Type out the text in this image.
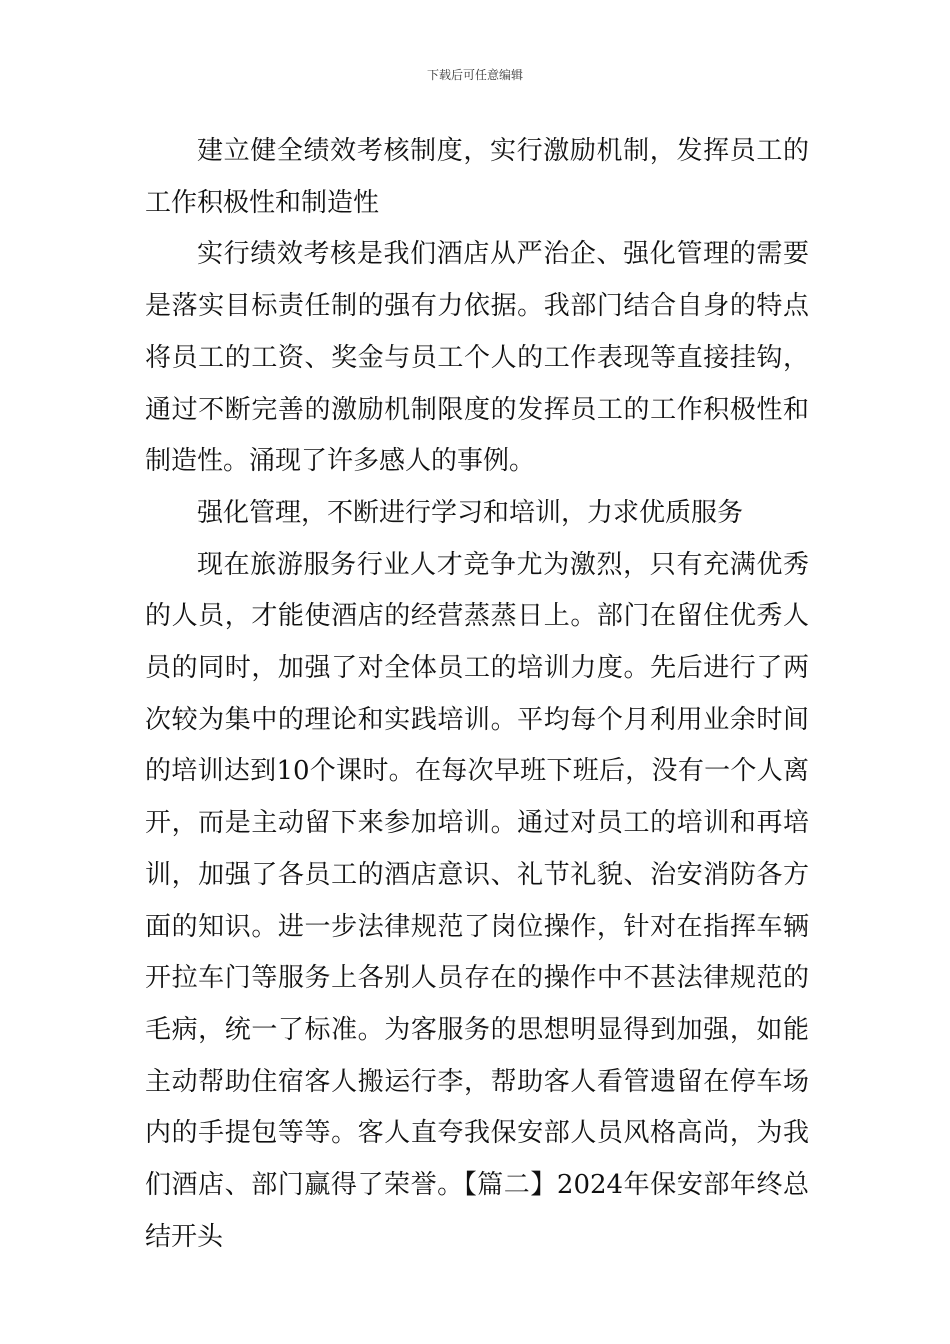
下载后可任意编辑

建立健全绩效考核制度，实行激励机制，发挥员工的工作积极性和制造性

实行绩效考核是我们酒店从严治企、强化管理的需要是落实目标责任制的强有力依据。我部门结合自身的特点将员工的工资、奖金与员工个人的工作表现等直接挂钩，通过不断完善的激励机制限度的发挥员工的工作积极性和制造性。涌现了许多感人的事例。

强化管理，不断进行学习和培训，力求优质服务

现在旅游服务行业人才竞争尤为激烈，只有充满优秀的人员，才能使酒店的经营蒸蒸日上。部门在留住优秀人员的同时，加强了对全体员工的培训力度。先后进行了两次较为集中的理论和实践培训。平均每个月利用业余时间的培训达到10个课时。在每次早班下班后，没有一个人离开，而是主动留下来参加培训。通过对员工的培训和再培训，加强了各员工的酒店意识、礼节礼貌、治安消防各方面的知识。进一步法律规范了岗位操作，针对在指挥车辆开拉车门等服务上各别人员存在的操作中不甚法律规范的毛病，统一了标准。为客服务的思想明显得到加强，如能主动帮助住宿客人搬运行李，帮助客人看管遗留在停车场内的手提包等等。客人直夸我保安部人员风格高尚，为我们酒店、部门赢得了荣誉。【篇二】2024年保安部年终总结开头
